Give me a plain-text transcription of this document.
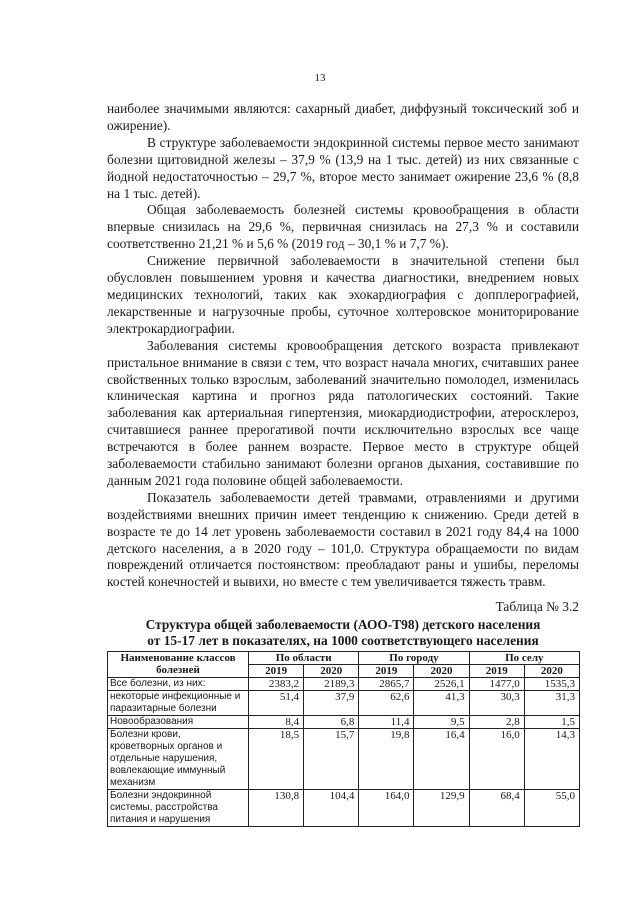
13

наиболее значимыми являются: сахарный диабет, диффузный токсический зоб и ожирение).

В структуре заболеваемости эндокринной системы первое место занимают болезни щитовидной железы – 37,9 % (13,9 на 1 тыс. детей) из них связанные с йодной недостаточностью – 29,7 %, второе место занимает ожирение 23,6 % (8,8 на 1 тыс. детей).

Общая заболеваемость болезней системы кровообращения в области впервые снизилась на 29,6 %, первичная снизилась на 27,3 % и составили соответственно 21,21 % и 5,6 % (2019 год – 30,1 % и 7,7 %).

Снижение первичной заболеваемости в значительной степени был обусловлен повышением уровня и качества диагностики, внедрением новых медицинских технологий, таких как эхокардиография с допплерографией, лекарственные и нагрузочные пробы, суточное холтеровское мониторирование электрокардиографии.

Заболевания системы кровообращения детского возраста привлекают пристальное внимание в связи с тем, что возраст начала многих, считавших ранее свойственных только взрослым, заболеваний значительно помолодел, изменилась клиническая картина и прогноз ряда патологических состояний. Такие заболевания как артериальная гипертензия, миокардиодистрофии, атеросклероз, считавшиеся раннее прерогативой почти исключительно взрослых все чаще встречаются в более раннем возрасте. Первое место в структуре общей заболеваемости стабильно занимают болезни органов дыхания, составившие по данным 2021 года половине общей заболеваемости.

Показатель заболеваемости детей травмами, отравлениями и другими воздействиями внешних причин имеет тенденцию к снижению. Среди детей в возрасте те до 14 лет уровень заболеваемости составил в 2021 году 84,4 на 1000 детского населения, а в 2020 году – 101,0. Структура обращаемости по видам повреждений отличается постоянством: преобладают раны и ушибы, переломы костей конечностей и вывихи, но вместе с тем увеличивается тяжесть травм.

Таблица № 3.2
Структура общей заболеваемости (АОО-Т98) детского населения
от 15-17 лет в показателях, на 1000 соответствующего населения
Наименование классов
болезней	По области		По городу		По селу	
	2019	2020	2019	2020	2019	2020
Все болезни, из них:	2383,2	2189,3	2865,7	2526,1	1477,0	1535,3
некоторые инфекционные и паразитарные болезни	51,4	37,9	62,6	41,3	30,3	31,3
Новообразования	8,4	6,8	11,4	9,5	2,8	1,5
Болезни крови, кроветворных органов и отдельные нарушения, вовлекающие иммунный механизм	18,5	15,7	19,8	16,4	16,0	14,3
Болезни эндокринной системы, расстройства питания и нарушения	130,8	104,4	164,0	129,9	68,4	55,0
